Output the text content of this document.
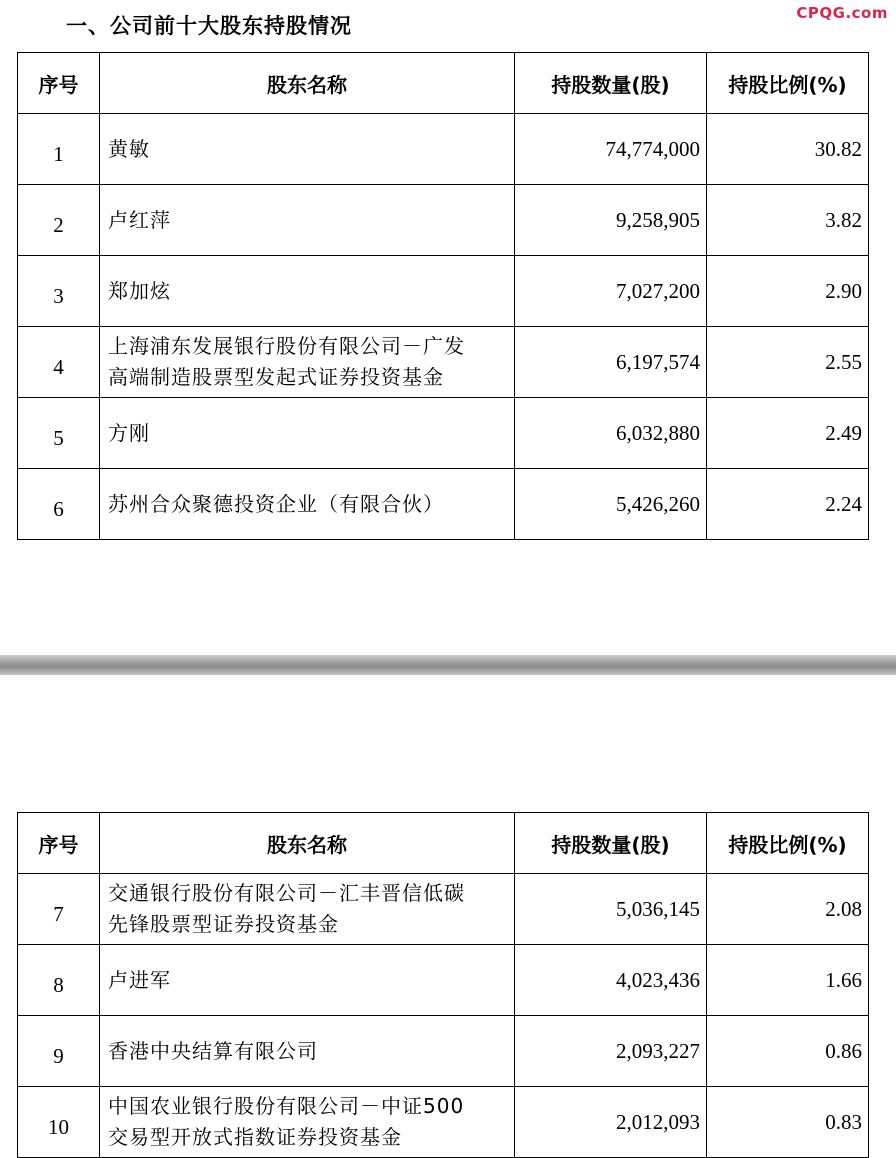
一、公司前十大股东持股情况
CPQG.com
序号	股东名称	持股数量(股)	持股比例(%)
1	黄敏	74,774,000	30.82
2	卢红萍	9,258,905	3.82
3	郑加炫	7,027,200	2.90
4	上海浦东发展银行股份有限公司－广发
高端制造股票型发起式证券投资基金	6,197,574	2.55
5	方刚	6,032,880	2.49
6	苏州合众聚德投资企业（有限合伙）	5,426,260	2.24
序号	股东名称	持股数量(股)	持股比例(%)
7	交通银行股份有限公司－汇丰晋信低碳
先锋股票型证券投资基金	5,036,145	2.08
8	卢进军	4,023,436	1.66
9	香港中央结算有限公司	2,093,227	0.86
10	中国农业银行股份有限公司－中证500
交易型开放式指数证券投资基金	2,012,093	0.83
